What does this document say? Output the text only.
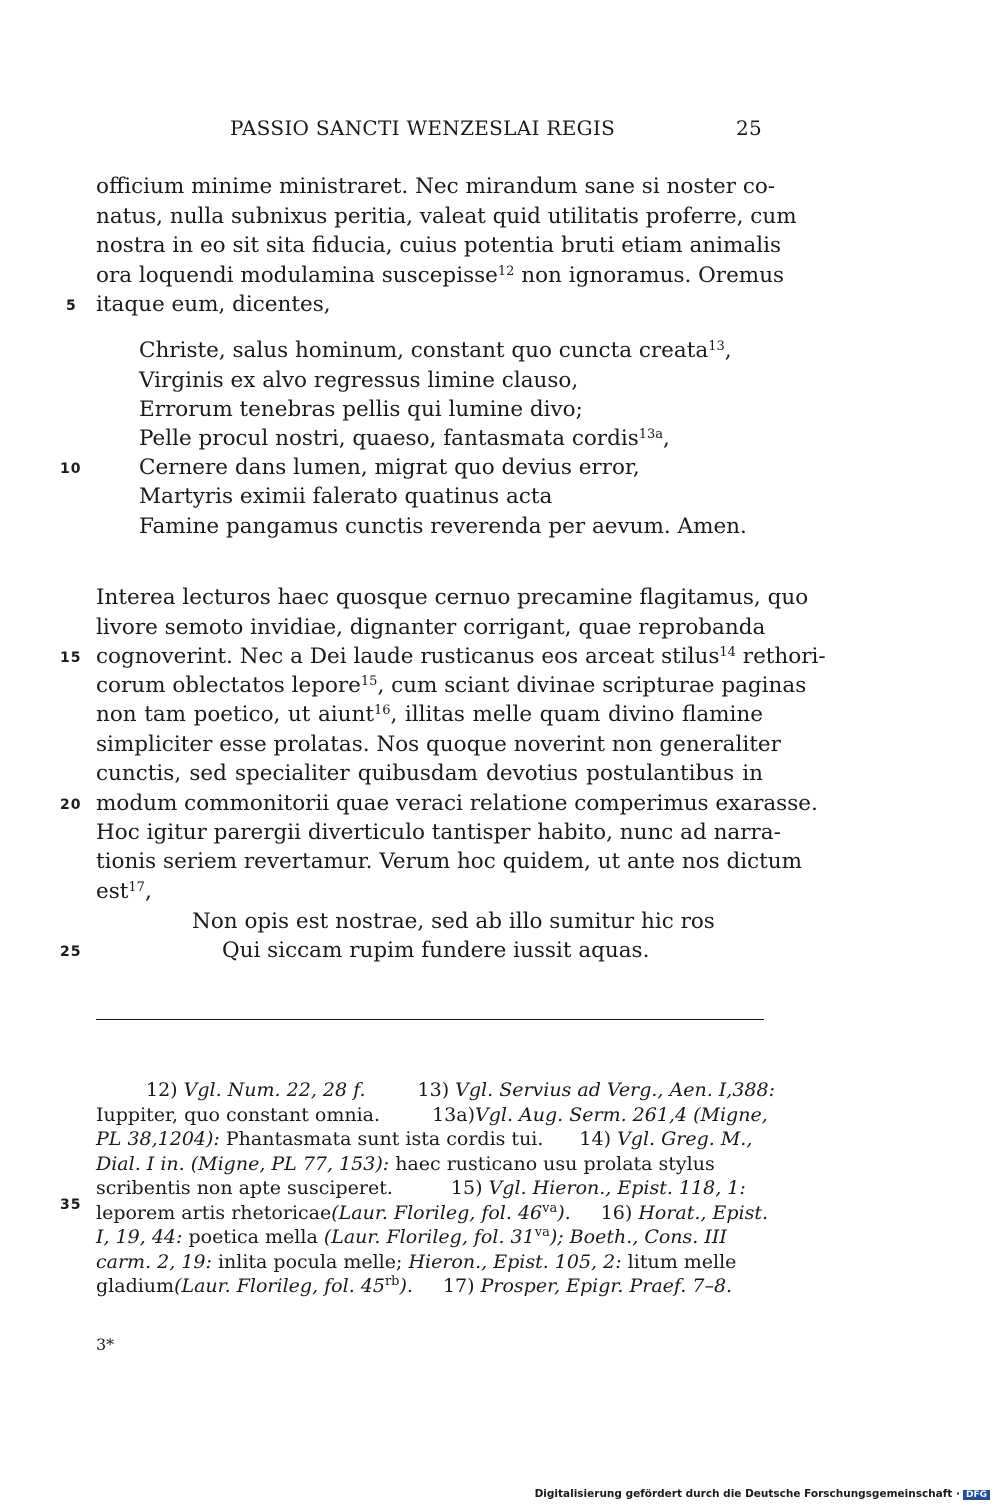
PASSIO SANCTI WENZESLAI REGIS	25
officium minime ministraret. Nec mirandum sane si noster co-
natus, nulla subnixus peritia, valeat quid utilitatis proferre, cum
nostra in eo sit sita fiducia, cuius potentia bruti etiam animalis
ora loquendi modulamina suscepisse$^{12}$ non ignoramus. Oremus
itaque eum, dicentes,
Christe, salus hominum, constant quo cuncta creata$^{13}$,
Virginis ex alvo regressus limine clauso,
Errorum tenebras pellis qui lumine divo;
Pelle procul nostri, quaeso, fantasmata cordis$^{13a}$,
Cernere dans lumen, migrat quo devius error,
Martyris eximii falerato quatinus acta
Famine pangamus cunctis reverenda per aevum. Amen.
Interea lecturos haec quosque cernuo precamine flagitamus, quo
livore semoto invidiae, dignanter corrigant, quae reprobanda
cognoverint. Nec a Dei laude rusticanus eos arceat stilus$^{14}$ rethori-
corum oblectatos lepore$^{15}$, cum sciant divinae scripturae paginas
non tam poetico, ut aiunt$^{16}$, illitas melle quam divino flamine
simpliciter esse prolatas. Nos quoque noverint non generaliter
cunctis, sed specialiter quibusdam devotius postulantibus in
modum commonitorii quae veraci relatione comperimus exarasse.
Hoc igitur parergii diverticulo tantisper habito, nunc ad narra-
tionis seriem revertamur. Verum hoc quidem, ut ante nos dictum
est$^{17}$,
Non opis est nostrae, sed ab illo sumitur hic ros
Qui siccam rupim fundere iussit aquas.
5
10
15
20
25
35
12) Vgl. Num. 22, 28 f.	13) Vgl. Servius ad Verg., Aen. I,388:
Iuppiter, quo constant omnia.	13a)Vgl. Aug. Serm. 261,4 (Migne,
PL 38,1204): Phantasmata sunt ista cordis tui. 14) Vgl. Greg. M.,
Dial. I in. (Migne, PL 77, 153): haec rusticano usu prolata stylus
scribentis non apte susciperet.	15) Vgl. Hieron., Epist. 118, 1:
leporem artis rhetoricae(Laur. Florileg, fol. $46^{va}$). 16) Horat., Epist.
I, 19, 44: poetica mella (Laur. Florileg, fol. $31^{va}$); Boeth., Cons. III
carm. 2, 19: inlita pocula melle; Hieron., Epist. 105, 2: litum melle
gladium(Laur. Florileg, fol. $45^{rb}$). 17) Prosper, Epigr. Praef. 7–8.
3*
Digitalisierung gefördert durch die Deutsche Forschungsgemeinschaft · DFG
